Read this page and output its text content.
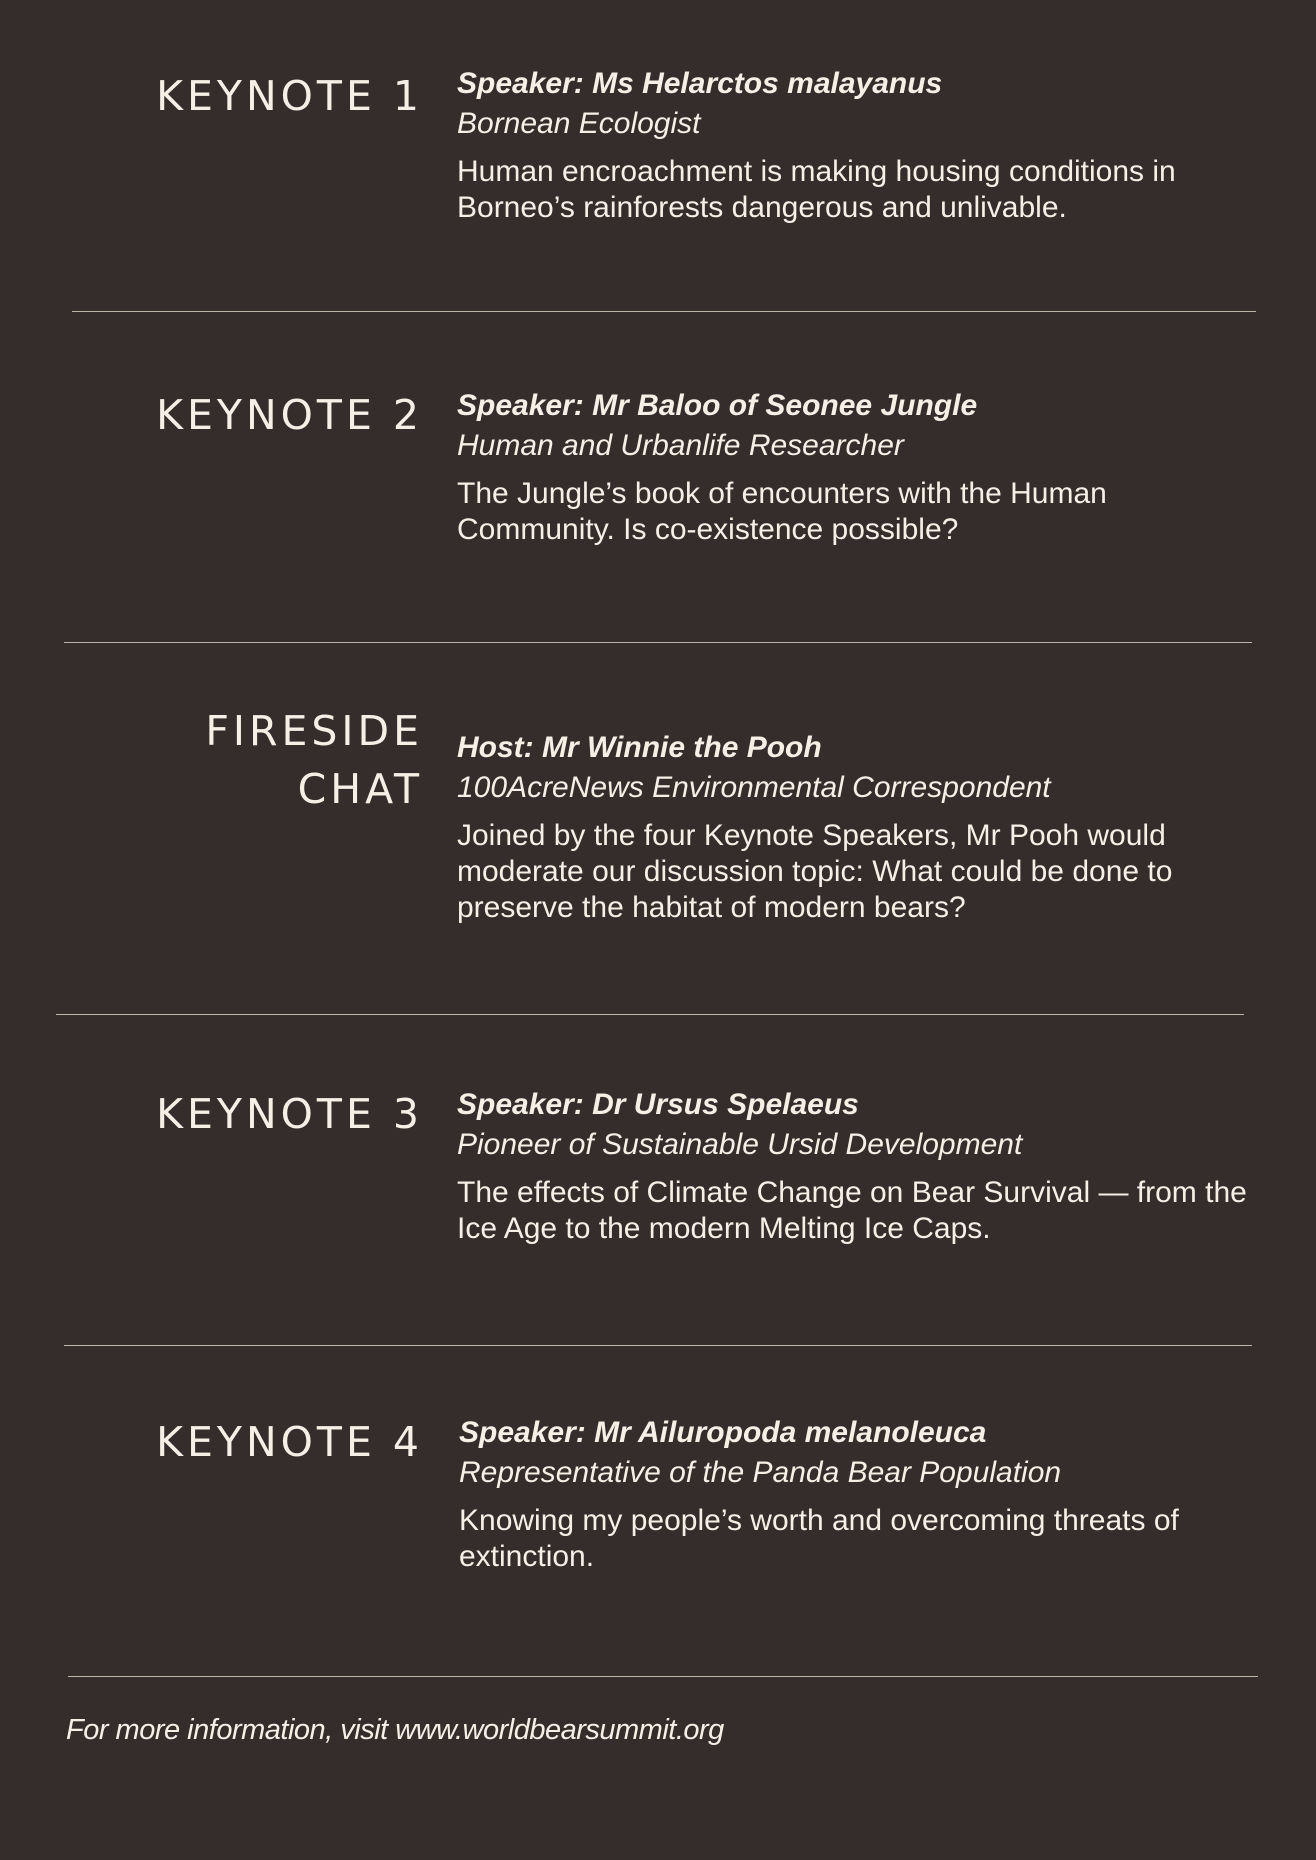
KEYNOTE 1 Speaker: Ms Helarctos malayanus
Bornean Ecologist
Human encroachment is making housing conditions in Borneo’s rainforests dangerous and unlivable.
KEYNOTE 2 Speaker: Mr Baloo of Seonee Jungle
Human and Urbanlife Researcher
The Jungle’s book of encounters with the Human Community. Is co-existence possible?
FIRESIDE
CHAT
Host: Mr Winnie the Pooh
100AcreNews Environmental Correspondent
Joined by the four Keynote Speakers, Mr Pooh would moderate our discussion topic: What could be done to preserve the habitat of modern bears?
KEYNOTE 3 Speaker: Dr Ursus Spelaeus
Pioneer of Sustainable Ursid Development
The effects of Climate Change on Bear Survival — from the Ice Age to the modern Melting Ice Caps.
KEYNOTE 4 Speaker: Mr Ailuropoda melanoleuca
Representative of the Panda Bear Population
Knowing my people’s worth and overcoming threats of extinction.
For more information, visit www.worldbearsummit.org
